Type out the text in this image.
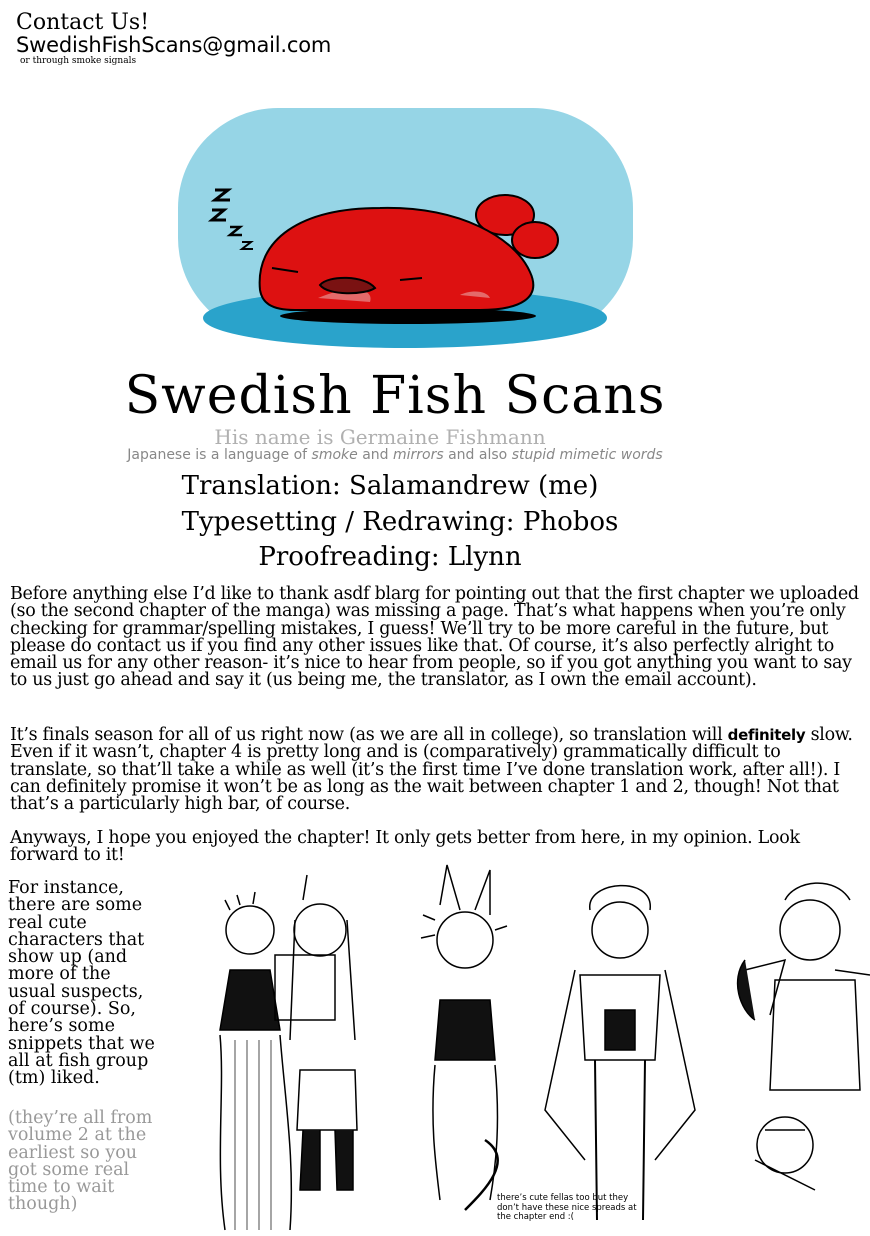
Contact Us!
SwedishFishScans@gmail.com
or through smoke signals
Swedish Fish Scans
His name is Germaine Fishmann
Japanese is a language of smoke and mirrors and also stupid mimetic words
Translation: Salamandrew (me)
Typesetting / Redrawing: Phobos
Proofreading: Llynn
Before anything else I’d like to thank asdf blarg for pointing out that the first chapter we uploaded (so the second chapter of the manga) was missing a page. That’s what happens when you’re only checking for grammar/spelling mistakes, I guess! We’ll try to be more careful in the future, but please do contact us if you find any other issues like that. Of course, it’s also perfectly alright to email us for any other reason- it’s nice to hear from people, so if you got anything you want to say to us just go ahead and say it (us being me, the translator, as I own the email account).
It’s finals season for all of us right now (as we are all in college), so translation will definitely slow. Even if it wasn’t, chapter 4 is pretty long and is (comparatively) grammatically difficult to translate, so that’ll take a while as well (it’s the first time I’ve done translation work, after all!). I can definitely promise it won’t be as long as the wait between chapter 1 and 2, though! Not that that’s a particularly high bar, of course.
Anyways, I hope you enjoyed the chapter! It only gets better from here, in my opinion. Look forward to it!
For instance, there are some real cute characters that show up (and more of the usual suspects, of course). So, here’s some snippets that we all at fish group (tm) liked.
(they’re all from volume 2 at the earliest so you got some real time to wait though)	there’s cute fellas too but they don’t have these nice spreads at the chapter end :(
